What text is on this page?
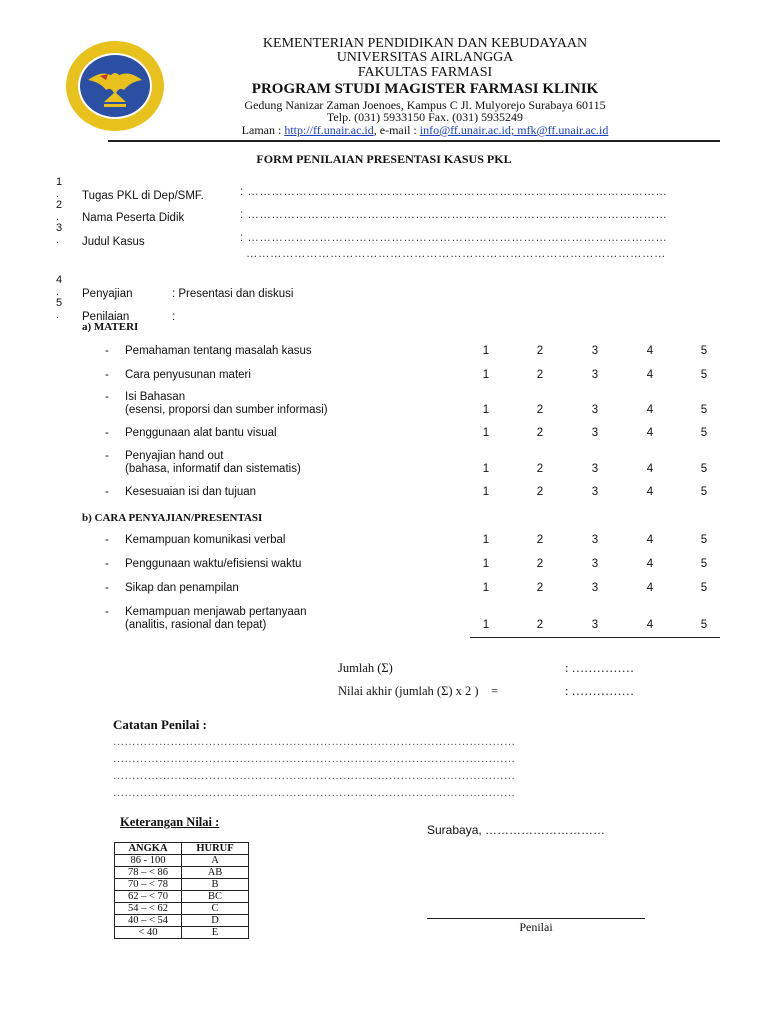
KEMENTERIAN PENDIDIKAN DAN KEBUDAYAAN
UNIVERSITAS AIRLANGGA
FAKULTAS FARMASI
PROGRAM STUDI MAGISTER FARMASI KLINIK
Gedung Nanizar Zaman Joenoes, Kampus C Jl. Mulyorejo Surabaya 60115
Telp. (031) 5933150 Fax. (031) 5935249
Laman : http://ff.unair.ac.id, e-mail : info@ff.unair.ac.id; mfk@ff.unair.ac.id
FORM PENILAIAN PRESENTASI KASUS PKL
1
.
2
.
3
.
4
.
5
.
Tugas PKL di Dep/SMF.	: ……………………………………………………………………………………………
Nama Peserta Didik	: ……………………………………………………………………………………………
Judul Kasus	: ……………………………………………………………………………………………
……………………………………………………………………………………………
Penyajian	: Presentasi dan diskusi
Penilaian	:
a) MATERI
- Pemahaman tentang masalah kasus	1	2	3	4	5
- Cara penyusunan materi	1	2	3	4	5
- Isi Bahasan
(esensi, proporsi dan sumber informasi)	1	2	3	4	5
- Penggunaan alat bantu visual	1	2	3	4	5
- Penyajian hand out
(bahasa, informatif dan sistematis)	1	2	3	4	5
- Kesesuaian isi dan tujuan	1	2	3	4	5
b) CARA PENYAJIAN/PRESENTASI
- Kemampuan komunikasi verbal	1	2	3	4	5
- Penggunaan waktu/efisiensi waktu	1	2	3	4	5
- Sikap dan penampilan	1	2	3	4	5
- Kemampuan menjawab pertanyaan
(analitis, rasional dan tepat)	1	2	3	4	5
Jumlah (Σ)	: ……………
Nilai akhir (jumlah (Σ) x 2 )    =	: ……………
Catatan Penilai :
……………………………………………………………………………………………
……………………………………………………………………………………………
……………………………………………………………………………………………
……………………………………………………………………………………………
Keterangan Nilai :
ANGKA	HURUF
86 - 100	A
78 – < 86	AB
70 – < 78	B
62 – < 70	BC
54 – < 62	C
40 – < 54	D
< 40	E
Surabaya, …………………………
Penilai
